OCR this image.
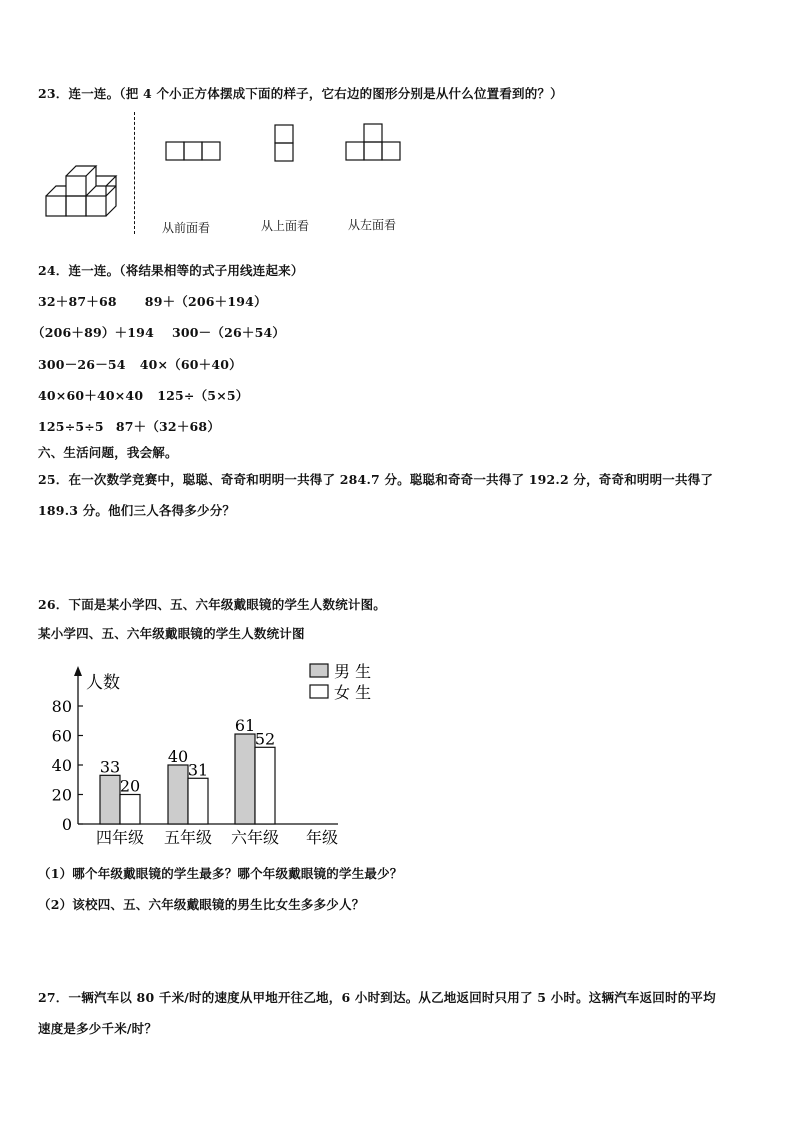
23．连一连。（把 4 个小正方体摆成下面的样子，它右边的图形分别是从什么位置看到的？）
从前面看	从上面看	从左面看
24．连一连。（将结果相等的式子用线连起来）
32＋87＋68 89＋（206＋194）
（206＋89）＋194 300－（26＋54）
300－26－54 40×（60＋40）
40×60＋40×40 125÷（5×5）
125÷5÷5 87＋（32＋68）
六、生活问题，我会解。
25．在一次数学竞赛中，聪聪、奇奇和明明一共得了 284.7 分。聪聪和奇奇一共得了 192.2 分，奇奇和明明一共得了
189.3 分。他们三人各得多少分？
26．下面是某小学四、五、六年级戴眼镜的学生人数统计图。
某小学四、五、六年级戴眼镜的学生人数统计图
0
20
40
60
80
人数
33
20
四年级
40
31
五年级
61
52
六年级 年级
男 生
女 生
（1）哪个年级戴眼镜的学生最多？哪个年级戴眼镜的学生最少？
（2）该校四、五、六年级戴眼镜的男生比女生多多少人？
27．一辆汽车以 80 千米/时的速度从甲地开往乙地，6 小时到达。从乙地返回时只用了 5 小时。这辆汽车返回时的平均
速度是多少千米/时？
